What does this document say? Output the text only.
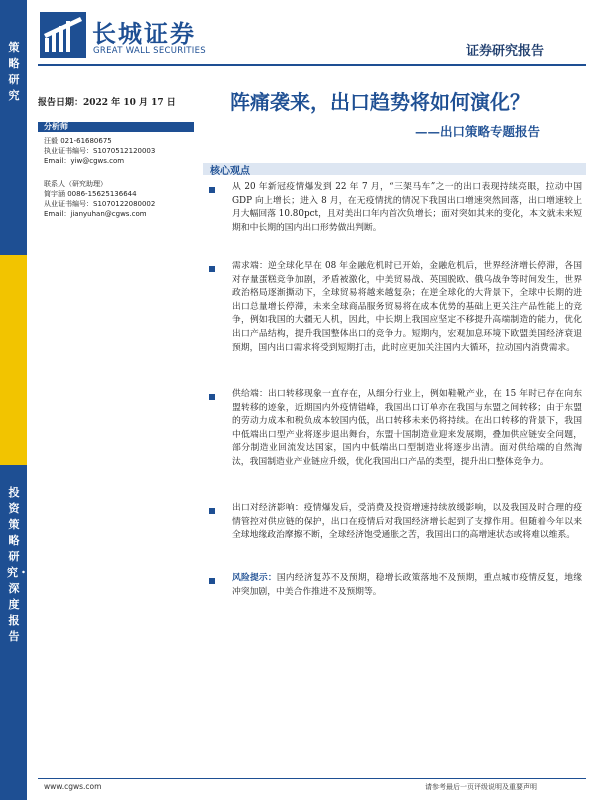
策略研究
投资策略研究・深度报告
长城证券
GREAT WALL SECURITIES	证券研究报告
报告日期：2022 年 10 月 17 日	阵痛袭来，出口趋势将如何演化？
——出口策略专题报告
分析师
汪毅 021-61680675
执业证书编号：S1070512120003
Email：yiw@cgws.com
联系人（研究助理）
简宇涵 0086-15625136644
从业证书编号：S1070122080002
Email：jianyuhan@cgws.com
核心观点
从 20 年新冠疫情爆发到 22 年 7 月，“三架马车”之一的出口表现持续亮眼，拉动中国 GDP 向上增长；进入 8 月，在无疫情扰的情况下我国出口增速突然回落，出口增速较上月大幅回落 10.80pct，且对美出口年内首次负增长；面对突如其来的变化，本文就未来短期和中长期的国内出口形势做出判断。
需求端：逆全球化早在 08 年金融危机时已开始，金融危机后，世界经济增长停滞，各国对存量蛋糕竞争加剧，矛盾被激化，中美贸易战、英国脱欧、俄乌战争等时间发生，世界政治格局逐渐撕动下，全球贸易将越来越复杂；在逆全球化的大背景下，全球中长期的进出口总量增长停滞，未来全球商品服务贸易将在成本优势的基础上更关注产品性能上的竞争，例如我国的大疆无人机，因此，中长期上我国应坚定不移提升高端制造的能力，优化出口产品结构，提升我国整体出口的竞争力。短期内，宏观加息环境下欧盟美国经济衰退预期，国内出口需求将受到短期打击，此时应更加关注国内大循环，拉动国内消费需求。
供给端：出口转移现象一直存在，从细分行业上，例如鞋靴产业，在 15 年时已存在向东盟转移的迹象，近期国内外疫情错峰，我国出口订单亦在我国与东盟之间转移；由于东盟的劳动力成本和税负成本较国内低，出口转移未来仍将持续。在出口转移的背景下，我国中低端出口型产业将逐步退出舞台，东盟十国制造业迎来发展期，叠加供应链安全问题，部分制造业回流发达国家，国内中低端出口型制造业将逐步出清。面对供给端的自然淘汰，我国制造业产业链应升级，优化我国出口产品的类型，提升出口整体竞争力。
出口对经济影响：疫情爆发后，受消费及投资增速持续放缓影响，以及我国及时合理的疫情管控对供应链的保护，出口在疫情后对我国经济增长起到了支撑作用。但随着今年以来全球地缘政治摩擦不断，全球经济饱受通胀之苦，我国出口的高增速状态或将难以维系。
风险提示：国内经济复苏不及预期，稳增长政策落地不及预期，重点城市疫情反复，地缘冲突加剧，中美合作推进不及预期等。
www.cgws.com	请参考最后一页评级说明及重要声明
